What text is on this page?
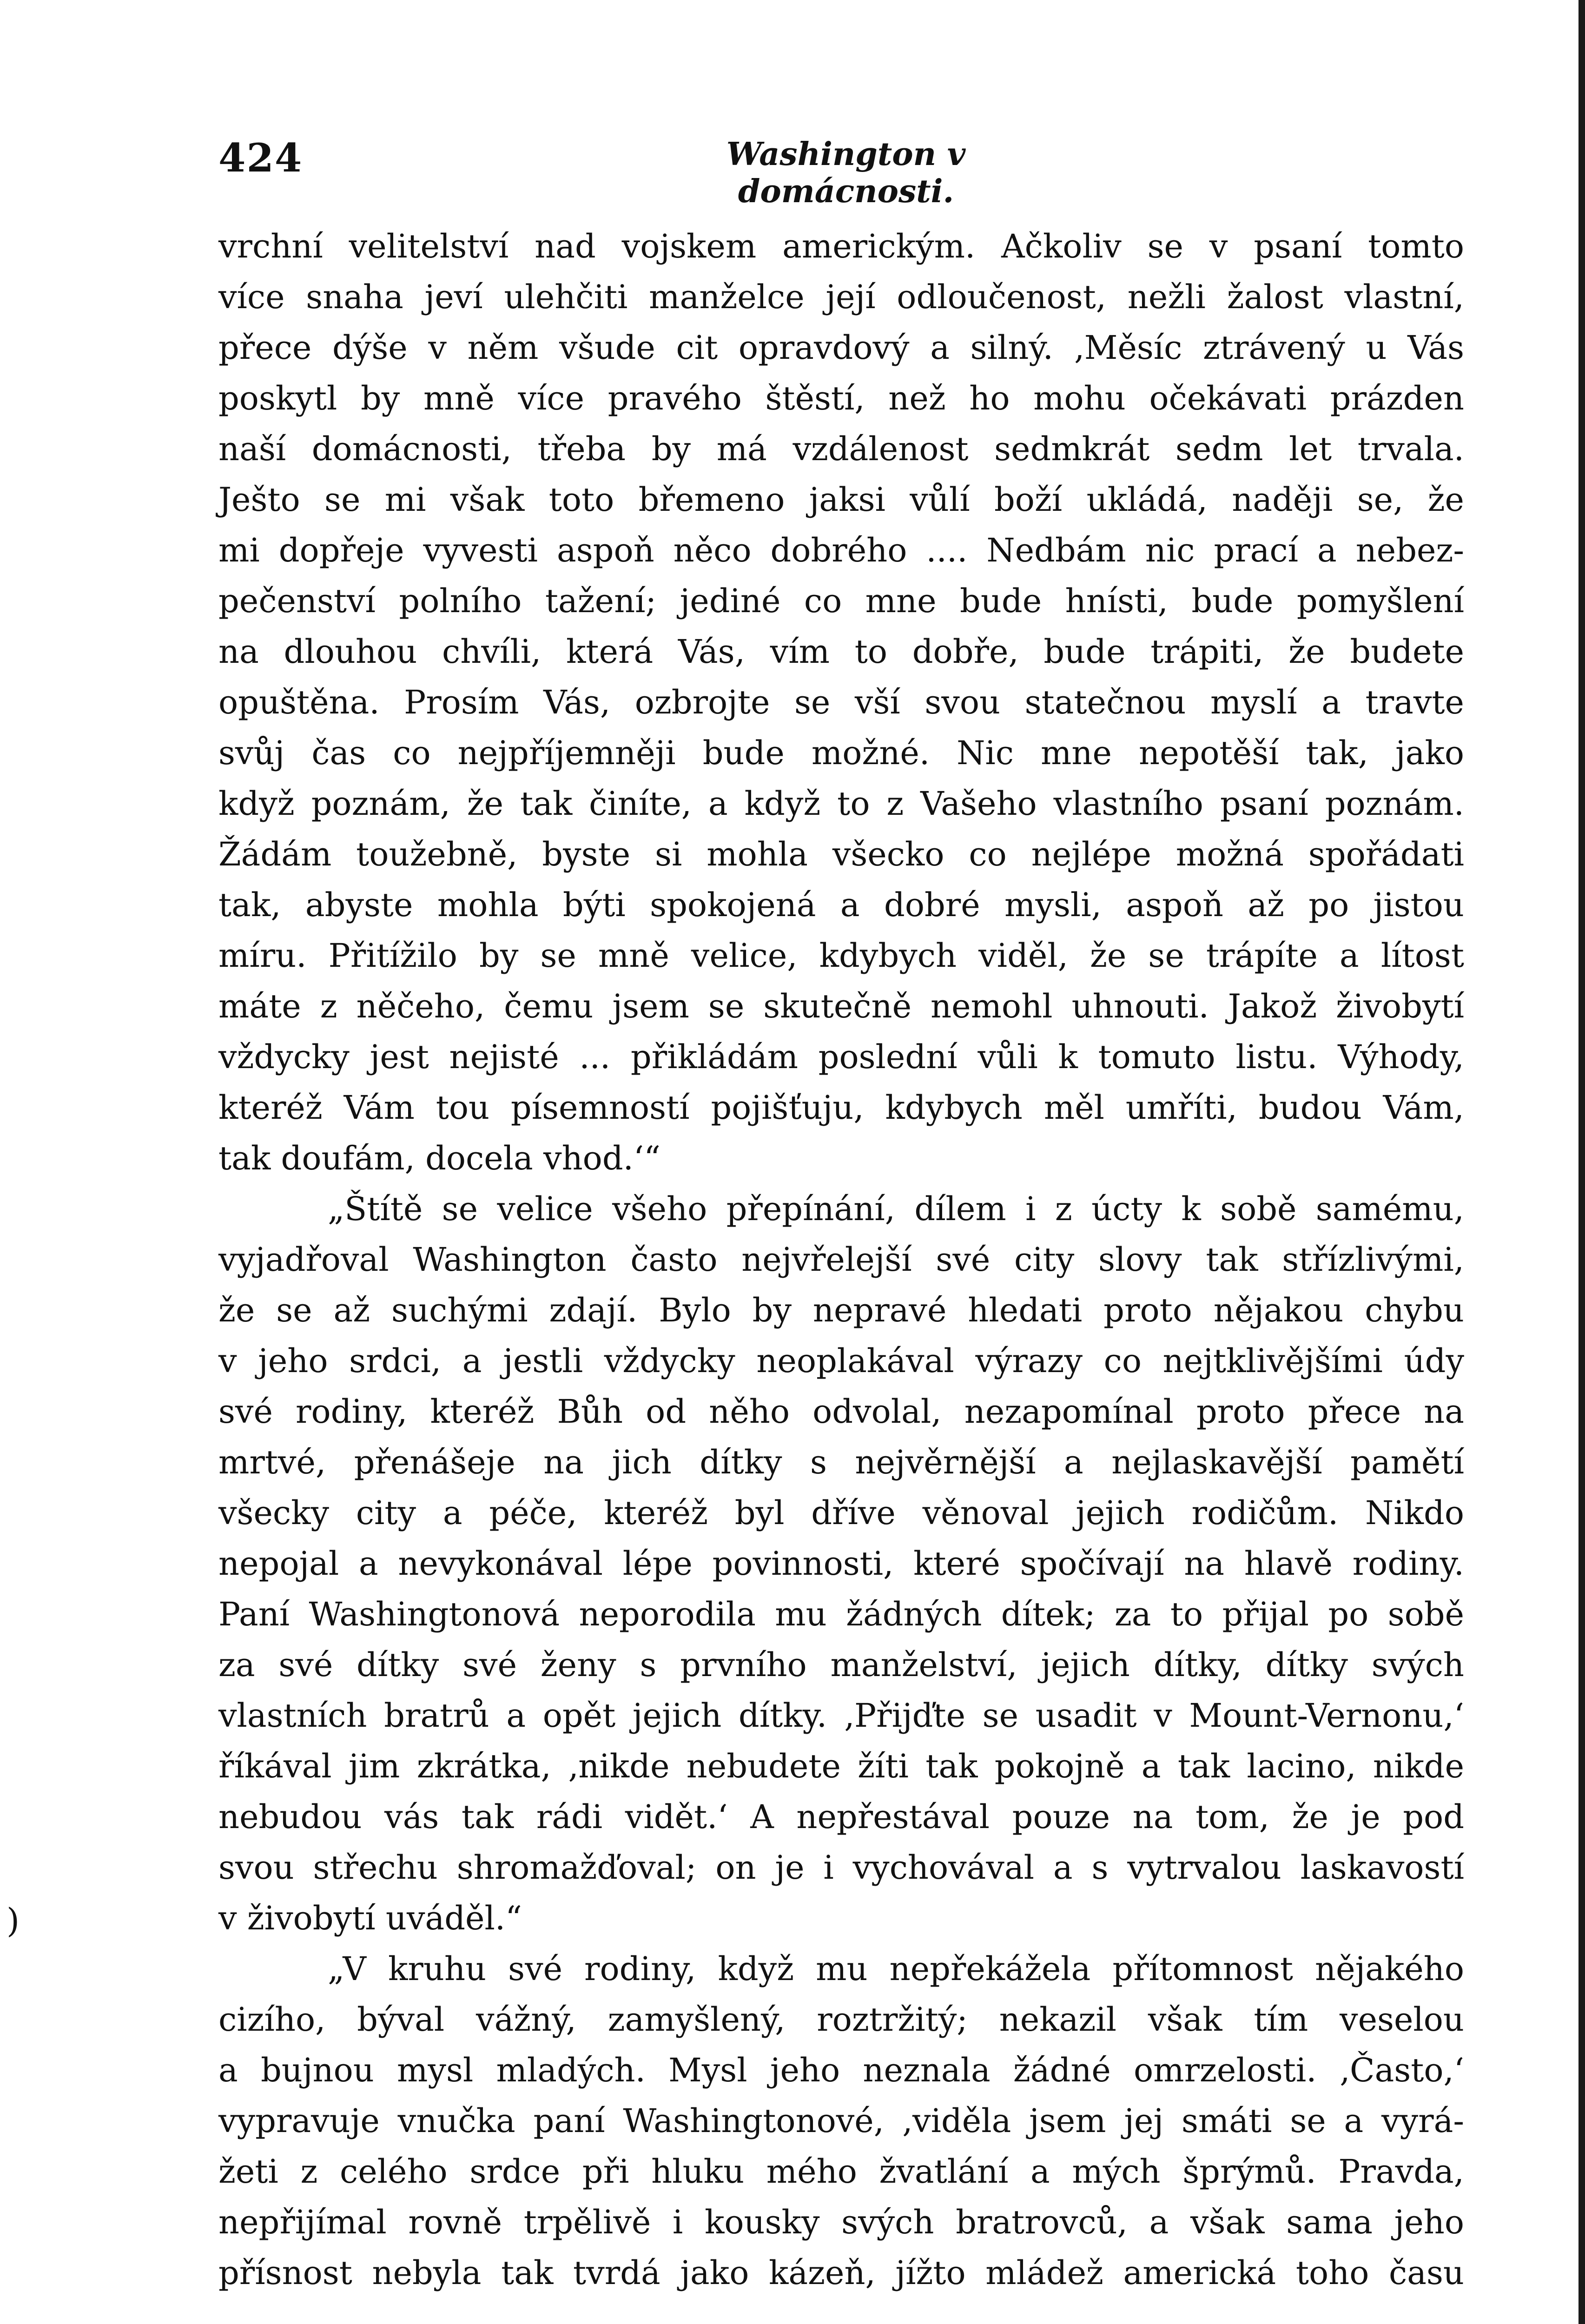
424	Washington v domácnosti.
)
vrchní velitelství nad vojskem americkým. Ačkoliv se v psaní tomto
více snaha jeví ulehčiti manželce její odloučenost, nežli žalost vlastní,
přece dýše v něm všude cit opravdový a silný. ‚Měsíc ztrávený u Vás
poskytl by mně více pravého štěstí, než ho mohu očekávati prázden
naší domácnosti, třeba by má vzdálenost sedmkrát sedm let trvala.
Ješto se mi však toto břemeno jaksi vůlí boží ukládá, naději se, že
mi dopřeje vyvesti aspoň něco dobrého .... Nedbám nic prací a nebez-
pečenství polního tažení; jediné co mne bude hnísti, bude pomyšlení
na dlouhou chvíli, která Vás, vím to dobře, bude trápiti, že budete
opuštěna. Prosím Vás, ozbrojte se vší svou statečnou myslí a travte
svůj čas co nejpříjemněji bude možné. Nic mne nepotěší tak, jako
když poznám, že tak činíte, a když to z Vašeho vlastního psaní poznám.
Žádám toužebně, byste si mohla všecko co nejlépe možná spořádati
tak, abyste mohla býti spokojená a dobré mysli, aspoň až po jistou
míru. Přitížilo by se mně velice, kdybych viděl, že se trápíte a lítost
máte z něčeho, čemu jsem se skutečně nemohl uhnouti. Jakož živobytí
vždycky jest nejisté ... přikládám poslední vůli k tomuto listu. Výhody,
kteréž Vám tou písemností pojišťuju, kdybych měl umříti, budou Vám,
tak doufám, docela vhod.‘“
„Štítě se velice všeho přepínání, dílem i z úcty k sobě samému,
vyjadřoval Washington často nejvřelejší své city slovy tak střízlivými,
že se až suchými zdají. Bylo by nepravé hledati proto nějakou chybu
v jeho srdci, a jestli vždycky neoplakával výrazy co nejtklivějšími údy
své rodiny, kteréž Bůh od něho odvolal, nezapomínal proto přece na
mrtvé, přenášeje na jich dítky s nejvěrnější a nejlaskavější pamětí
všecky city a péče, kteréž byl dříve věnoval jejich rodičům. Nikdo
nepojal a nevykonával lépe povinnosti, které spočívají na hlavě rodiny.
Paní Washingtonová neporodila mu žádných dítek; za to přijal po sobě
za své dítky své ženy s prvního manželství, jejich dítky, dítky svých
vlastních bratrů a opět jejich dítky. ‚Přijďte se usadit v Mount-Vernonu,‘
říkával jim zkrátka, ‚nikde nebudete žíti tak pokojně a tak lacino, nikde
nebudou vás tak rádi vidět.‘ A nepřestával pouze na tom, že je pod
svou střechu shromažďoval; on je i vychovával a s vytrvalou laskavostí
v živobytí uváděl.“
„V kruhu své rodiny, když mu nepřekážela přítomnost nějakého
cizího, býval vážný, zamyšlený, roztržitý; nekazil však tím veselou
a bujnou mysl mladých. Mysl jeho neznala žádné omrzelosti. ‚Často,‘
vypravuje vnučka paní Washingtonové, ‚viděla jsem jej smáti se a vyrá-
žeti z celého srdce při hluku mého žvatlání a mých šprýmů. Pravda,
nepřijímal rovně trpělivě i kousky svých bratrovců, a však sama jeho
přísnost nebyla tak tvrdá jako kázeň, jížto mládež americká toho času
